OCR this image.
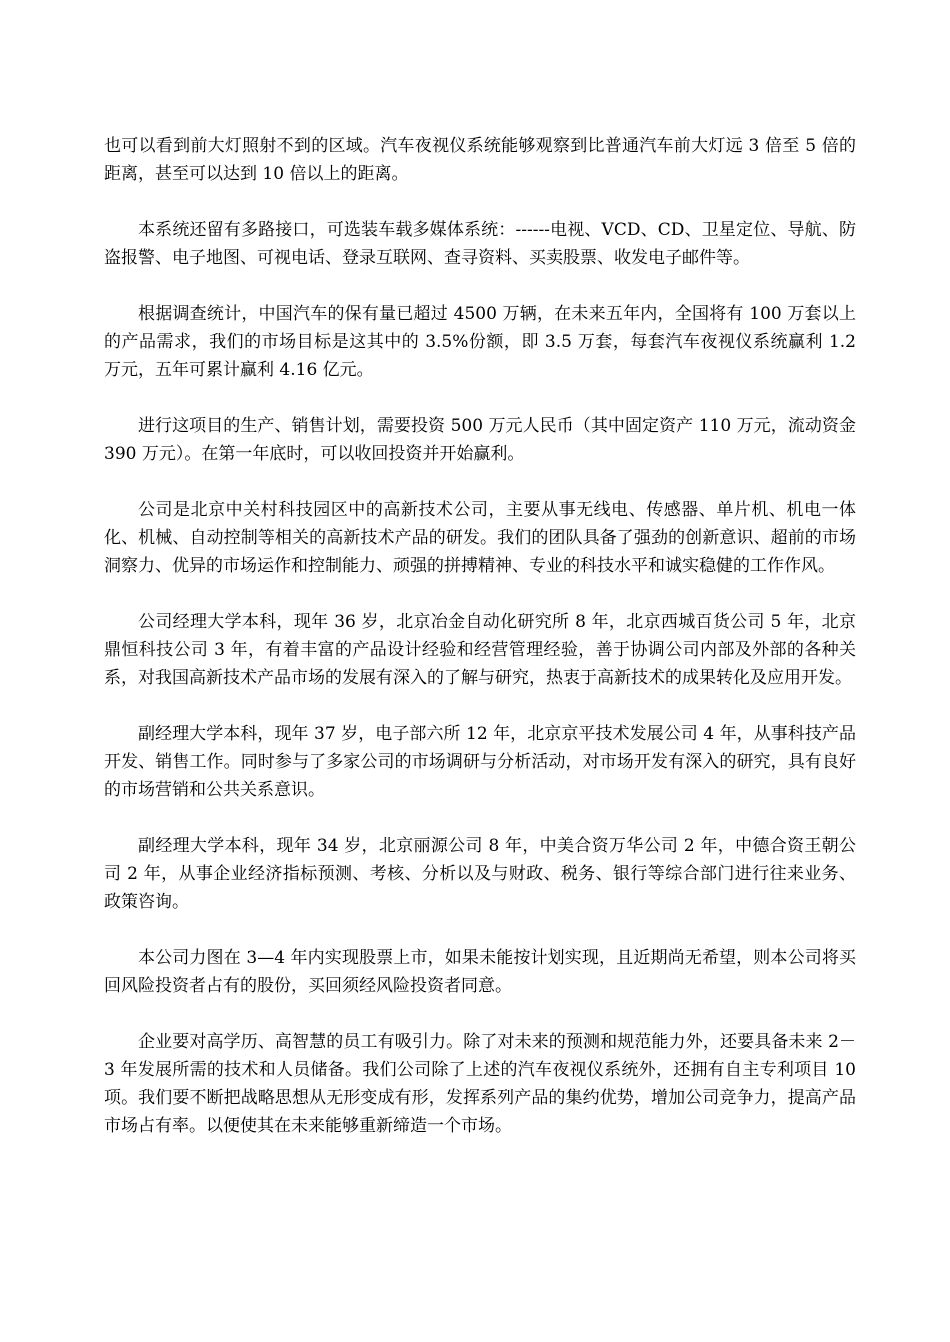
也可以看到前大灯照射不到的区域。汽车夜视仪系统能够观察到比普通汽车前大灯远 3 倍至 5 倍的距离，甚至可以达到 10 倍以上的距离。

本系统还留有多路接口，可选装车载多媒体系统：------电视、VCD、CD、卫星定位、导航、防盗报警、电子地图、可视电话、登录互联网、查寻资料、买卖股票、收发电子邮件等。

根据调查统计，中国汽车的保有量已超过 4500 万辆，在未来五年内，全国将有 100 万套以上的产品需求，我们的市场目标是这其中的 3.5%份额，即 3.5 万套，每套汽车夜视仪系统赢利 1.2 万元，五年可累计赢利 4.16 亿元。

进行这项目的生产、销售计划，需要投资 500 万元人民币（其中固定资产 110 万元，流动资金 390 万元）。在第一年底时，可以收回投资并开始赢利。

公司是北京中关村科技园区中的高新技术公司，主要从事无线电、传感器、单片机、机电一体化、机械、自动控制等相关的高新技术产品的研发。我们的团队具备了强劲的创新意识、超前的市场洞察力、优异的市场运作和控制能力、顽强的拼搏精神、专业的科技水平和诚实稳健的工作作风。

公司经理大学本科，现年 36 岁，北京冶金自动化研究所 8 年，北京西城百货公司 5 年，北京鼎恒科技公司 3 年，有着丰富的产品设计经验和经营管理经验，善于协调公司内部及外部的各种关系，对我国高新技术产品市场的发展有深入的了解与研究，热衷于高新技术的成果转化及应用开发。

副经理大学本科，现年 37 岁，电子部六所 12 年，北京京平技术发展公司 4 年，从事科技产品开发、销售工作。同时参与了多家公司的市场调研与分析活动，对市场开发有深入的研究，具有良好的市场营销和公共关系意识。

副经理大学本科，现年 34 岁，北京丽源公司 8 年，中美合资万华公司 2 年，中德合资王朝公司 2 年，从事企业经济指标预测、考核、分析以及与财政、税务、银行等综合部门进行往来业务、政策咨询。

本公司力图在 3—4 年内实现股票上市，如果未能按计划实现，且近期尚无希望，则本公司将买回风险投资者占有的股份，买回须经风险投资者同意。

企业要对高学历、高智慧的员工有吸引力。除了对未来的预测和规范能力外，还要具备未来 2－3 年发展所需的技术和人员储备。我们公司除了上述的汽车夜视仪系统外，还拥有自主专利项目 10 项。我们要不断把战略思想从无形变成有形，发挥系列产品的集约优势，增加公司竞争力，提高产品市场占有率。以便使其在未来能够重新缔造一个市场。
